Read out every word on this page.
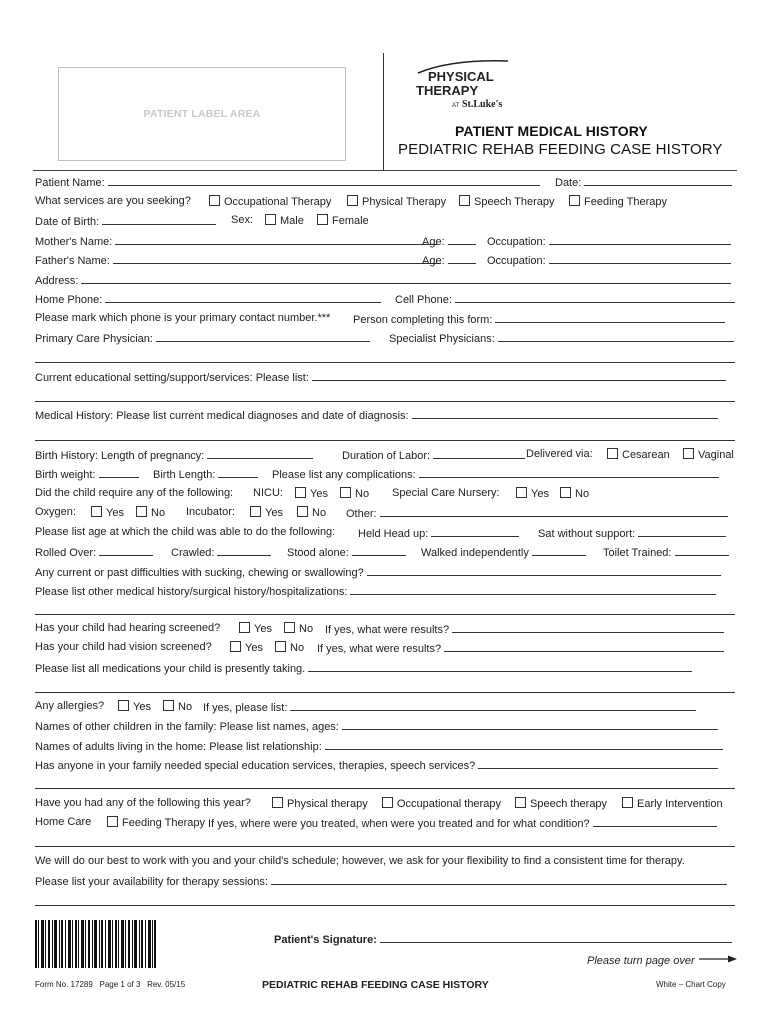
PATIENT LABEL AREA
PHYSICAL
THERAPY
AT St.Luke's
PATIENT MEDICAL HISTORY
PEDIATRIC REHAB FEEDING CASE HISTORY
Patient Name:	Date:
What services are you seeking?	Occupational Therapy	Physical Therapy	Speech Therapy	Feeding Therapy
Date of Birth:	Sex:	Male	Female
Mother's Name:	Age:	Occupation:
Father's Name:	Age:	Occupation:
Address:
Home Phone:	Cell Phone:
Please mark which phone is your primary contact number.*** Person completing this form:
Primary Care Physician:	Specialist Physicians:
Current educational setting/support/services: Please list:
Medical History: Please list current medical diagnoses and date of diagnosis:
Birth History: Length of pregnancy:	Duration of Labor:	Delivered via:	Cesarean	Vaginal
Birth weight:	Birth Length:	Please list any complications:
Did the child require any of the following: NICU:	Yes	No Special Care Nursery:	Yes	No
Oxygen:	Yes	No Incubator:	Yes	No Other:
Please list age at which the child was able to do the following: Held Head up:	Sat without support:
Rolled Over:	Crawled:	Stood alone:	Walked independently	Toilet Trained:
Any current or past difficulties with sucking, chewing or swallowing?
Please list other medical history/surgical history/hospitalizations:
Has your child had hearing screened?	Yes	No If yes, what were results?
Has your child had vision screened?	Yes	No If yes, what were results?
Please list all medications your child is presently taking.
Any allergies?	Yes	No If yes, please list:
Names of other children in the family: Please list names, ages:
Names of adults living in the home: Please list relationship:
Has anyone in your family needed special education services, therapies, speech services?
Have you had any of the following this year?	Physical therapy	Occupational therapy	Speech therapy	Early Intervention
Home Care	Feeding Therapy If yes, where were you treated, when were you treated and for what condition?
We will do our best to work with you and your child's schedule; however, we ask for your flexibility to find a consistent time for therapy.
Please list your availability for therapy sessions:
Patient's Signature:
Please turn page over
Form No. 17289 Page 1 of 3 Rev. 05/15	PEDIATRIC REHAB FEEDING CASE HISTORY	White – Chart Copy
